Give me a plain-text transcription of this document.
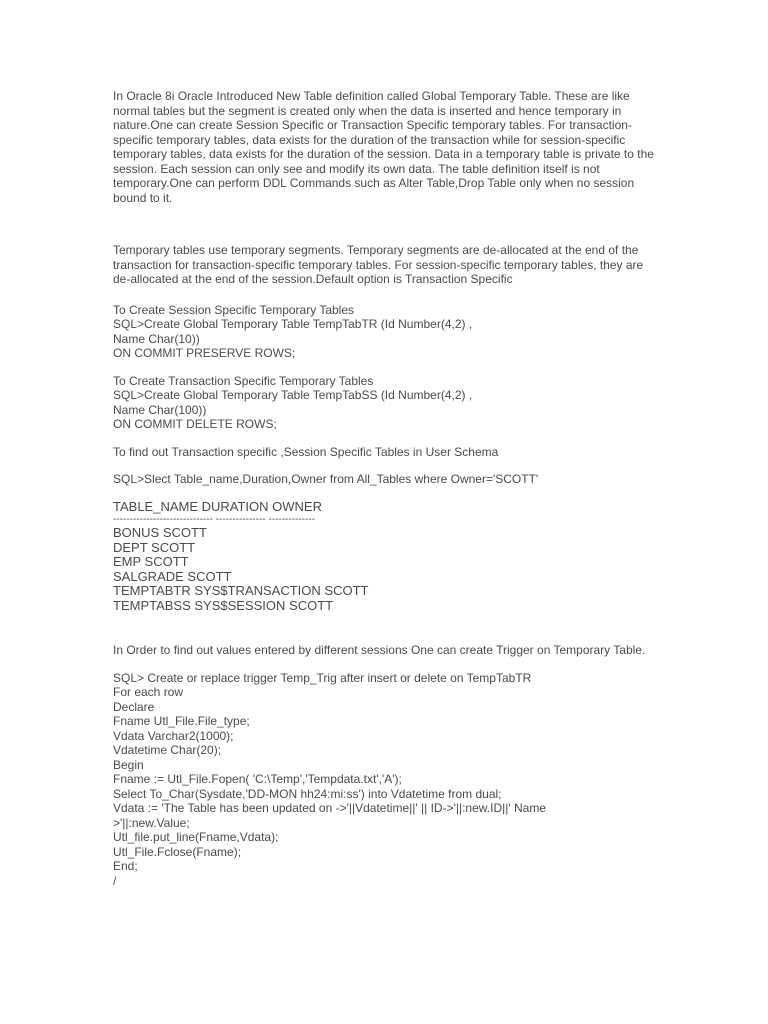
In Oracle 8i Oracle Introduced New Table definition called Global Temporary Table. These are like normal tables but the segment is created only when the data is inserted and hence temporary in nature.One can create Session Specific or Transaction Specific temporary tables. For transaction-specific temporary tables, data exists for the duration of the transaction while for session-specific temporary tables, data exists for the duration of the session. Data in a temporary table is private to the session. Each session can only see and modify its own data. The table definition itself is not temporary.One can perform DDL Commands such as Alter Table,Drop Table only when no session bound to it.

Temporary tables use temporary segments. Temporary segments are de-allocated at the end of the transaction for transaction-specific temporary tables. For session-specific temporary tables, they are de-allocated at the end of the session.Default option is Transaction Specific

To Create Session Specific Temporary Tables
SQL>Create Global Temporary Table TempTabTR (Id Number(4,2) ,
Name Char(10))
ON COMMIT PRESERVE ROWS;
To Create Transaction Specific Temporary Tables
SQL>Create Global Temporary Table TempTabSS (Id Number(4,2) ,
Name Char(100))
ON COMMIT DELETE ROWS;
To find out Transaction specific ,Session Specific Tables in User Schema
SQL>Slect Table_name,Duration,Owner from All_Tables where Owner='SCOTT'
TABLE_NAME DURATION OWNER
------------------------------ --------------- --------------
BONUS SCOTT
DEPT SCOTT
EMP SCOTT
SALGRADE SCOTT
TEMPTABTR SYS$TRANSACTION SCOTT
TEMPTABSS SYS$SESSION SCOTT

In Order to find out values entered by different sessions One can create Trigger on Temporary Table.

SQL> Create or replace trigger Temp_Trig after insert or delete on TempTabTR
For each row
Declare
Fname Utl_File.File_type;
Vdata Varchar2(1000);
Vdatetime Char(20);
Begin
Fname := Utl_File.Fopen( 'C:\Temp','Tempdata.txt','A');
Select To_Char(Sysdate,'DD-MON hh24:mi:ss') into Vdatetime from dual;
Vdata := 'The Table has been updated on ->'||Vdatetime||' || ID->'||:new.ID||' Name
>'||:new.Value;
Utl_file.put_line(Fname,Vdata);
Utl_File.Fclose(Fname);
End;
/
